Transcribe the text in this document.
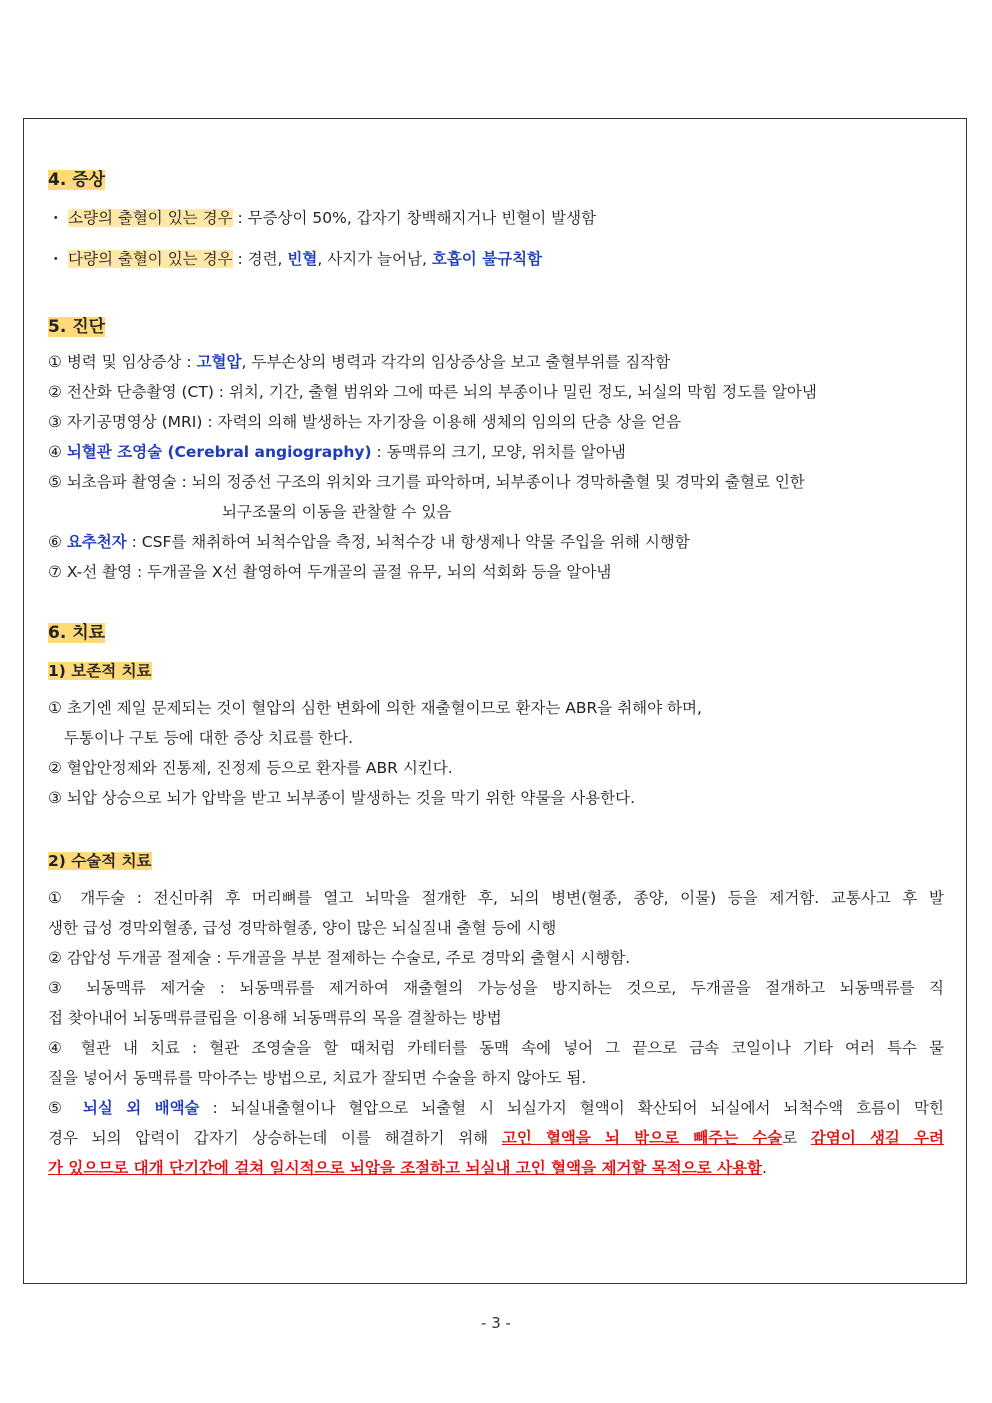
4. 증상
・ 소량의 출혈이 있는 경우 : 무증상이 50%, 갑자기 창백해지거나 빈혈이 발생함
・ 다량의 출혈이 있는 경우 : 경련, 빈혈, 사지가 늘어남, 호흡이 불규칙함
5. 진단
① 병력 및 임상증상 : 고혈압, 두부손상의 병력과 각각의 임상증상을 보고 출혈부위를 짐작함
② 전산화 단층촬영 (CT) : 위치, 기간, 출혈 범위와 그에 따른 뇌의 부종이나 밀린 정도, 뇌실의 막힘 정도를 알아냄
③ 자기공명영상 (MRI) : 자력의 의해 발생하는 자기장을 이용해 생체의 임의의 단층 상을 얻음
④ 뇌혈관 조영술 (Cerebral angiography) : 동맥류의 크기, 모양, 위치를 알아냄
⑤ 뇌초음파 촬영술 : 뇌의 정중선 구조의 위치와 크기를 파악하며, 뇌부종이나 경막하출혈 및 경막외 출혈로 인한
뇌구조물의 이동을 관찰할 수 있음
⑥ 요추천자 : CSF를 채취하여 뇌척수압을 측정, 뇌척수강 내 항생제나 약물 주입을 위해 시행함
⑦ X-선 촬영 : 두개골을 X선 촬영하여 두개골의 골절 유무, 뇌의 석회화 등을 알아냄
6. 치료
1) 보존적 치료
① 초기엔 제일 문제되는 것이 혈압의 심한 변화에 의한 재출혈이므로 환자는 ABR을 취해야 하며,
두통이나 구토 등에 대한 증상 치료를 한다.
② 혈압안정제와 진통제, 진정제 등으로 환자를 ABR 시킨다.
③ 뇌압 상승으로 뇌가 압박을 받고 뇌부종이 발생하는 것을 막기 위한 약물을 사용한다.
2) 수술적 치료
① 개두술 : 전신마취 후 머리뼈를 열고 뇌막을 절개한 후, 뇌의 병변(혈종, 종양, 이물) 등을 제거함. 교통사고 후 발
생한 급성 경막외혈종, 급성 경막하혈종, 양이 많은 뇌실질내 출혈 등에 시행
② 감압성 두개골 절제술 : 두개골을 부분 절제하는 수술로, 주로 경막외 출혈시 시행함.
③ 뇌동맥류 제거술 : 뇌동맥류를 제거하여 재출혈의 가능성을 방지하는 것으로, 두개골을 절개하고 뇌동맥류를 직
접 찾아내어 뇌동맥류클립을 이용해 뇌동맥류의 목을 결찰하는 방법
④ 혈관 내 치료 : 혈관 조영술을 할 때처럼 카테터를 동맥 속에 넣어 그 끝으로 금속 코일이나 기타 여러 특수 물
질을 넣어서 동맥류를 막아주는 방법으로, 치료가 잘되면 수술을 하지 않아도 됨.
⑤ 뇌실 외 배액술 : 뇌실내출혈이나 혈압으로 뇌출혈 시 뇌실가지 혈액이 확산되어 뇌실에서 뇌척수액 흐름이 막힌
경우 뇌의 압력이 갑자기 상승하는데 이를 해결하기 위해 고인 혈액을 뇌 밖으로 빼주는 수술로 감염이 생길 우려
가 있으므로 대개 단기간에 걸쳐 일시적으로 뇌압을 조절하고 뇌실내 고인 혈액을 제거할 목적으로 사용함.
- 3 -
